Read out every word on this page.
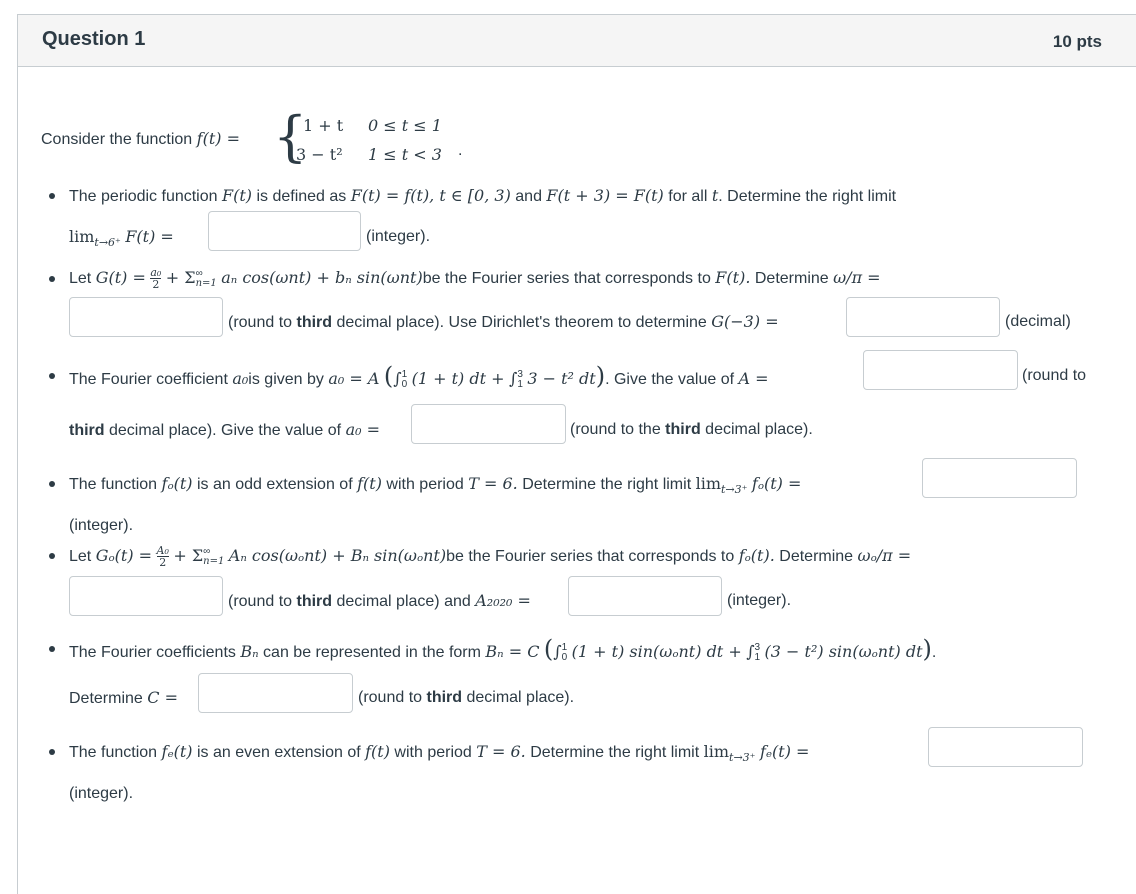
Question 1	10 pts
Consider the function f(t) = {
1 + t 0 ≤ t ≤ 1
3 − t² 1 ≤ t < 3 .
The periodic function F(t) is defined as F(t) = f(t), t ∈ [0, 3) and F(t + 3) = F(t) for all t. Determine the right limit
$\lim_{t\to 6^+} F(t)$ =	(integer).
Let $G(t) = \frac{\text{a₀}}{2} + \Sigma$ ∞
n=1 aₙ cos(ωnt) + bₙ sin(ωnt)be the Fourier series that corresponds to F(t). Determine ω/π =
(round to third decimal place). Use Dirichlet's theorem to determine G(−3) =	(decimal)
The Fourier coefficient a₀is given by a₀ = A (∫ 1
0 (1 + t) dt + ∫ 3
1 3 − t² dt). Give the value of A =	(round to
third decimal place). Give the value of a₀ =	(round to the third decimal place).
The function fₒ(t) is an odd extension of f(t) with period T = 6. Determine the right limit $\lim_{t\to 3^+} f_o(t)$ =
(integer).
Let $G_o(t) = \frac{\text{A₀}}{2} + \Sigma$ ∞
n=1 Aₙ cos(ωₒnt) + Bₙ sin(ωₒnt)be the Fourier series that corresponds to fₒ(t). Determine ωₒ/π =
(round to third decimal place) and A₂₀₂₀ =	(integer).
The Fourier coefficients Bₙ can be represented in the form Bₙ = C (∫ 1
0 (1 + t) sin(ωₒnt) dt + ∫ 3
1 (3 − t²) sin(ωₒnt) dt).
Determine C =	(round to third decimal place).
The function fₑ(t) is an even extension of f(t) with period T = 6. Determine the right limit $\lim_{t\to 3^+} f_e(t)$ =
(integer).
